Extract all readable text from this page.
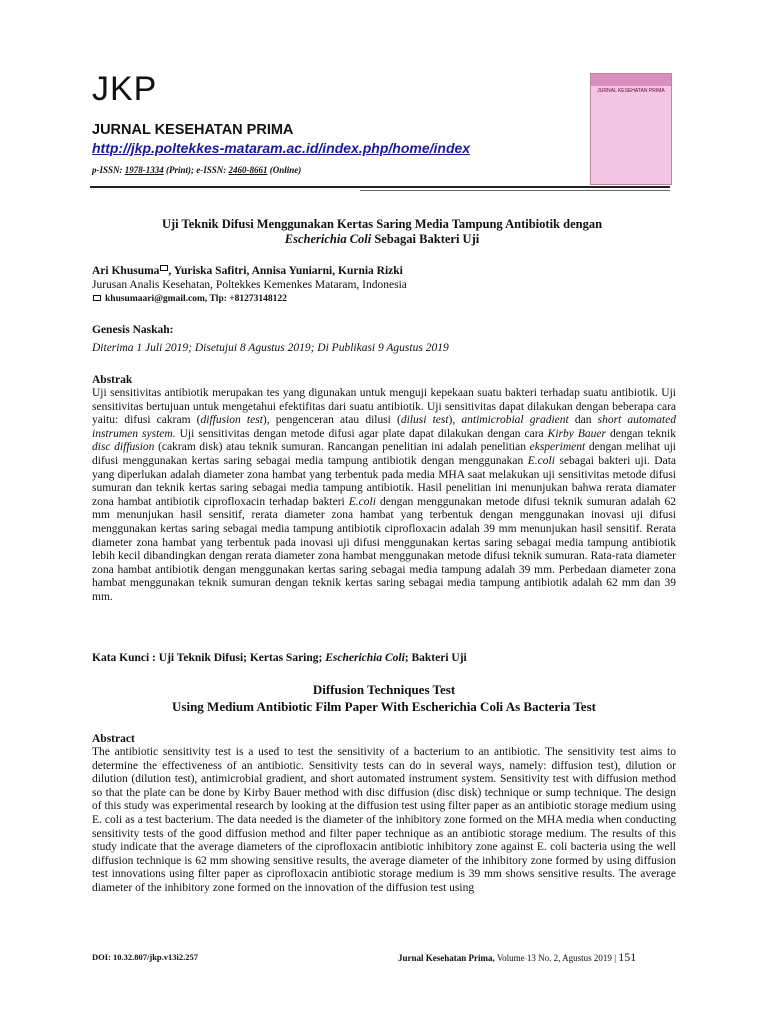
JKP
JURNAL KESEHATAN PRIMA
http://jkp.poltekkes-mataram.ac.id/index.php/home/index
p-ISSN: 1978-1334 (Print); e-ISSN: 2460-8661 (Online)
JURNAL KESEHATAN PRIMA
Uji Teknik Difusi Menggunakan Kertas Saring Media Tampung Antibiotik dengan
Escherichia Coli Sebagai Bakteri Uji
Ari Khusuma , Yuriska Safitri, Annisa Yuniarni, Kurnia Rizki
Jurusan Analis Kesehatan, Poltekkes Kemenkes Mataram, Indonesia
khusumaari@gmail.com, Tlp: +81273148122
Genesis Naskah:
Diterima 1 Juli 2019; Disetujui 8 Agustus 2019; Di Publikasi 9 Agustus 2019
Abstrak
Uji sensitivitas antibiotik merupakan tes yang digunakan untuk menguji kepekaan suatu bakteri terhadap suatu antibiotik. Uji sensitivitas bertujuan untuk mengetahui efektifitas dari suatu antibiotik. Uji sensitivitas dapat dilakukan dengan beberapa cara yaitu: difusi cakram (diffusion test), pengenceran atau dilusi (dilusi test), antimicrobial gradient dan short automated instrumen system. Uji sensitivitas dengan metode difusi agar plate dapat dilakukan dengan cara Kirby Bauer dengan teknik disc diffusion (cakram disk) atau teknik sumuran. Rancangan penelitian ini adalah penelitian eksperiment dengan melihat uji difusi menggunakan kertas saring sebagai media tampung antibiotik dengan menggunakan E.coli sebagai bakteri uji. Data yang diperlukan adalah diameter zona hambat yang terbentuk pada media MHA saat melakukan uji sensitivitas metode difusi sumuran dan teknik kertas saring sebagai media tampung antibiotik. Hasil penelitian ini menunjukan bahwa rerata diamater zona hambat antibiotik ciprofloxacin terhadap bakteri E.coli dengan menggunakan metode difusi teknik sumuran adalah 62 mm menunjukan hasil sensitif, rerata diameter zona hambat yang terbentuk dengan menggunakan inovasi uji difusi menggunakan kertas saring sebagai media tampung antibiotik ciprofloxacin adalah 39 mm menunjukan hasil sensitif. Rerata diameter zona hambat yang terbentuk pada inovasi uji difusi menggunakan kertas saring sebagai media tampung antibiotik lebih kecil dibandingkan dengan rerata diameter zona hambat menggunakan metode difusi teknik sumuran. Rata-rata diameter zona hambat antibiotik dengan menggunakan kertas saring sebagai media tampung adalah 39 mm. Perbedaan diameter zona hambat menggunakan teknik sumuran dengan teknik kertas saring sebagai media tampung antibiotik adalah 62 mm dan 39 mm.
Kata Kunci : Uji Teknik Difusi; Kertas Saring; Escherichia Coli; Bakteri Uji
Diffusion Techniques Test
Using Medium Antibiotic Film Paper With Escherichia Coli As Bacteria Test
Abstract
The antibiotic sensitivity test is a used to test the sensitivity of a bacterium to an antibiotic. The sensitivity test aims to determine the effectiveness of an antibiotic. Sensitivity tests can do in several ways, namely: diffusion test), dilution or dilution (dilution test), antimicrobial gradient, and short automated instrument system. Sensitivity test with diffusion method so that the plate can be done by Kirby Bauer method with disc diffusion (disc disk) technique or sump technique. The design of this study was experimental research by looking at the diffusion test using filter paper as an antibiotic storage medium using E. coli as a test bacterium. The data needed is the diameter of the inhibitory zone formed on the MHA media when conducting sensitivity tests of the good diffusion method and filter paper technique as an antibiotic storage medium. The results of this study indicate that the average diameters of the ciprofloxacin antibiotic inhibitory zone against E. coli bacteria using the well diffusion technique is 62 mm showing sensitive results, the average diameter of the inhibitory zone formed by using diffusion test innovations using filter paper as ciprofloxacin antibiotic storage medium is 39 mm shows sensitive results. The average diameter of the inhibitory zone formed on the innovation of the diffusion test using
DOI: 10.32.807/jkp.v13i2.257	Jurnal Kesehatan Prima, Volume 13 No. 2, Agustus 2019 | 151
